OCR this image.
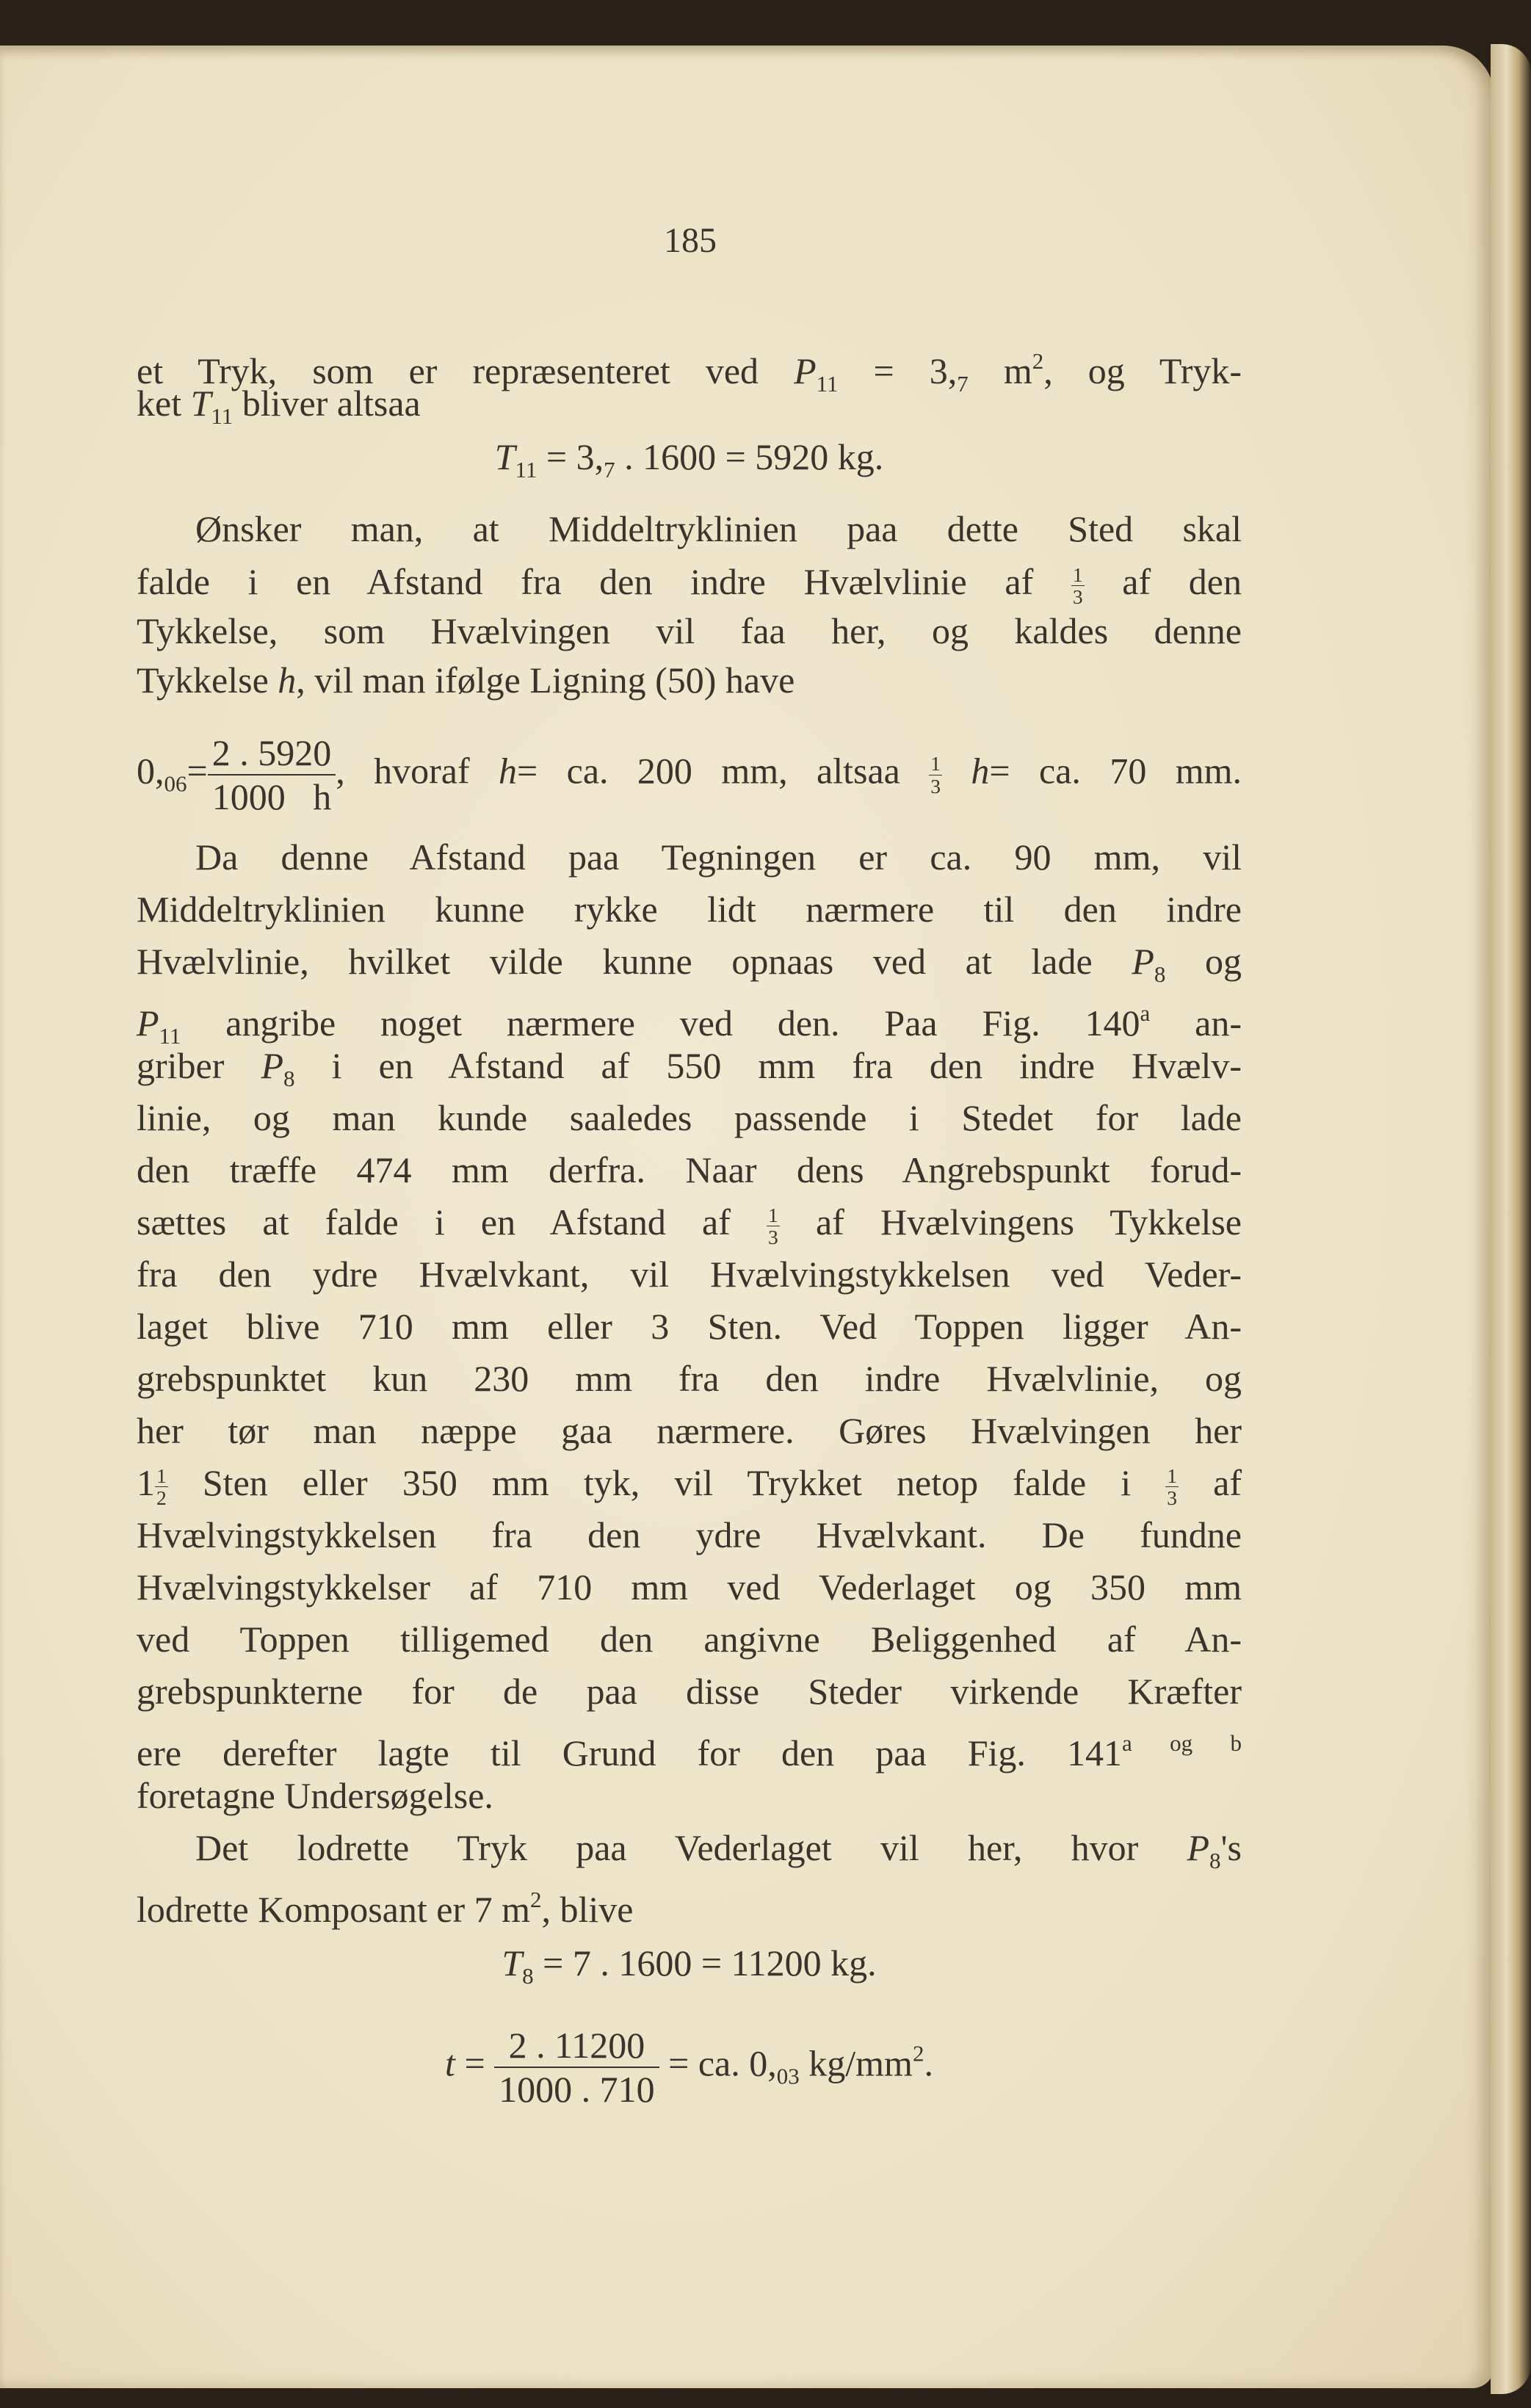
185
et Tryk, som er repræsenteret ved $P_{11} = 3,_7$ $m^2$, og Tryk-
ket $T_{11}$ bliver altsaa
$T_{11} = 3,_7$ . 1600 = 5920 kg.
Ønsker man, at Middeltryklinien paa dette Sted skal
falde i en Afstand fra den indre Hvælvlinie af $\frac{1}{3}$ af den
Tykkelse, som Hvælvingen vil faa her, og kaldes denne
Tykkelse h, vil man ifølge Ligning (50) have
$0,_{06}= \frac{2 . 5920}{1000 h}$ , hvoraf h= ca. 200 mm, altsaa $\frac{1}{3} h=$ ca. 70 mm.
Da denne Afstand paa Tegningen er ca. 90 mm, vil
Middeltryklinien kunne rykke lidt nærmere til den indre
Hvælvlinie, hvilket vilde kunne opnaas ved at lade $P_8$ og
$P_{11}$ angribe noget nærmere ved den. Paa Fig. 140$^a$ an-
griber $P_8$ i en Afstand af 550 mm fra den indre Hvælv-
linie, og man kunde saaledes passende i Stedet for lade
den træffe 474 mm derfra. Naar dens Angrebspunkt forud-
sættes at falde i en Afstand af $\frac{1}{3}$ af Hvælvingens Tykkelse
fra den ydre Hvælvkant, vil Hvælvingstykkelsen ved Veder-
laget blive 710 mm eller 3 Sten. Ved Toppen ligger An-
grebspunktet kun 230 mm fra den indre Hvælvlinie, og
her tør man næppe gaa nærmere. Gøres Hvælvingen her
$1 \frac{1}{2}$ Sten eller 350 mm tyk, vil Trykket netop falde i $\frac{1}{3}$ af
Hvælvingstykkelsen fra den ydre Hvælvkant. De fundne
Hvælvingstykkelser af 710 mm ved Vederlaget og 350 mm
ved Toppen tilligemed den angivne Beliggenhed af An-
grebspunkterne for de paa disse Steder virkende Kræfter
ere derefter lagte til Grund for den paa Fig. $141^{a og b}$
foretagne Undersøgelse.
Det lodrette Tryk paa Vederlaget vil her, hvor $P_8's$
lodrette Komposant er 7 $m^2$, blive
$T_8 = 7$ . 1600 = 11200 kg.
$t = \frac{2 . 11200}{1000 . 710}$ = ca. $0,_{03}$ $kg/mm^2$.
